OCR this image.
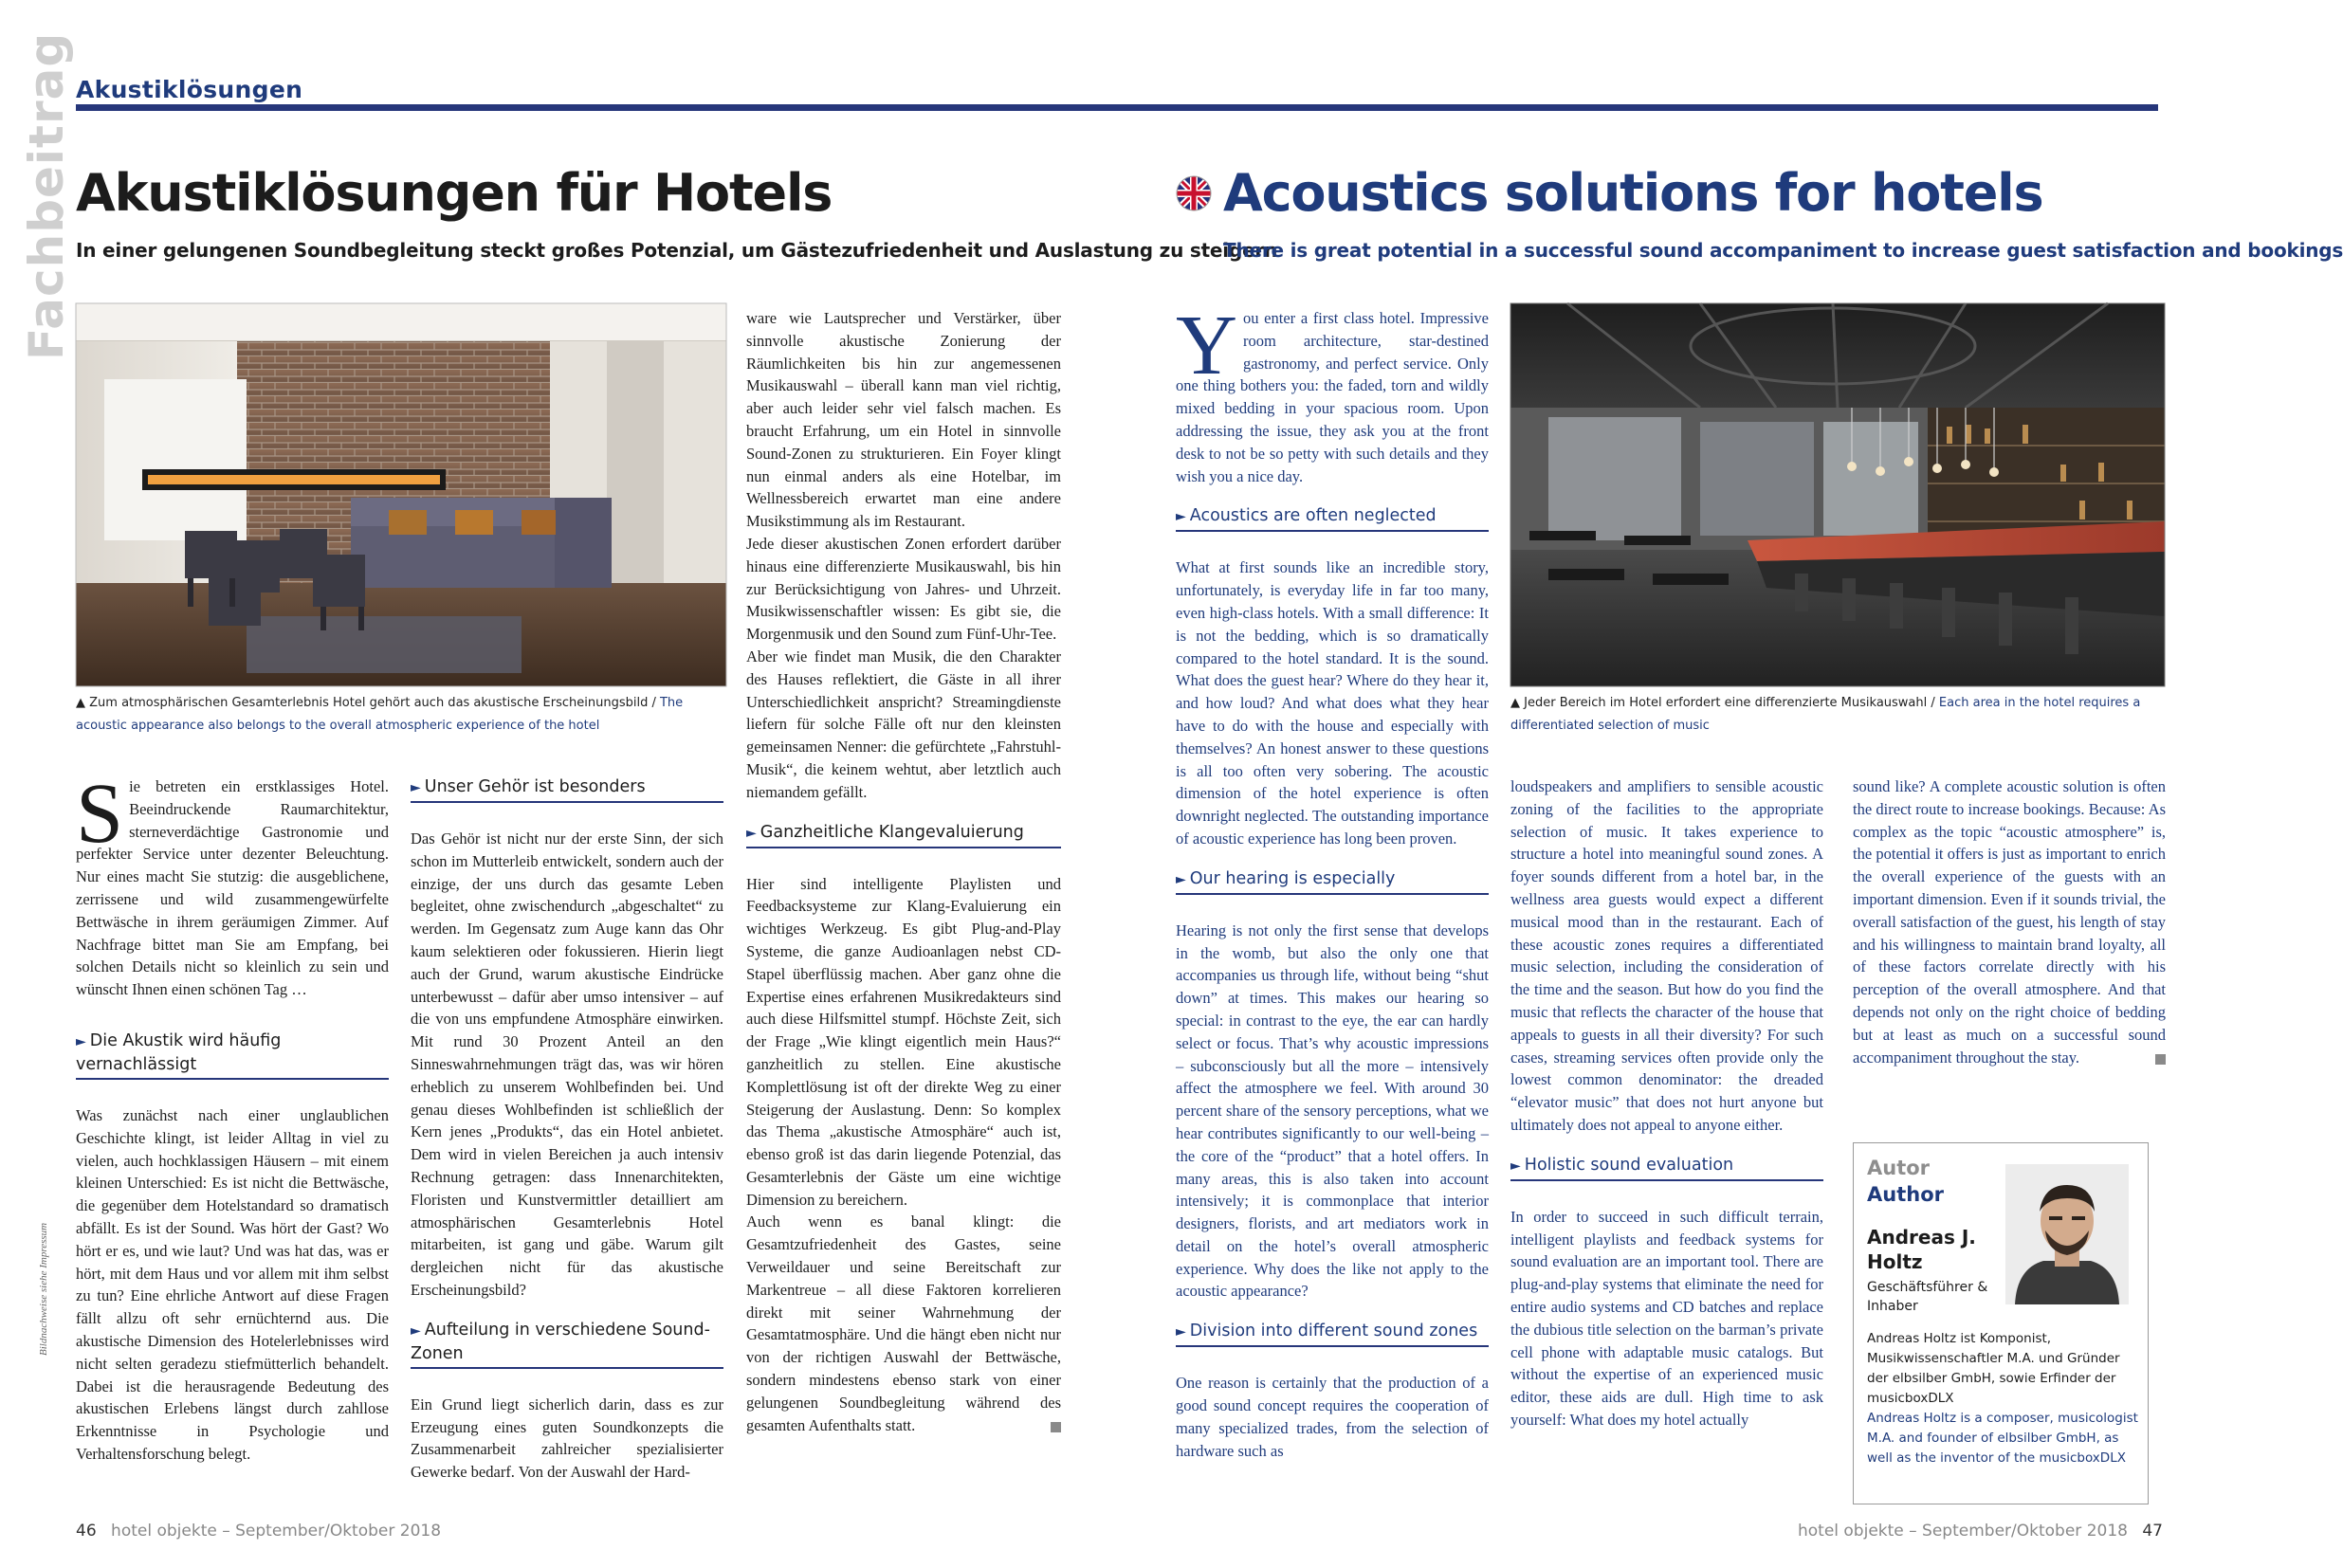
Akustiklösungen
Fachbeitrag Akustiklösungen für Hotels
In einer gelungenen Soundbegleitung steckt großes Potenzial, um Gästezufriedenheit und Auslastung zu steigern
Acoustics solutions for hotels
There is great potential in a successful sound accompaniment to increase guest satisfaction and bookings
▲ Zum atmosphärischen Gesamterlebnis Hotel gehört auch das akustische Erscheinungsbild / The acoustic appearance also belongs to the overall atmospheric experience of the hotel

Sie betreten ein erstklassiges Hotel. Beeindruckende Raumarchitektur, sterneverdächtige Gastronomie und perfekter Service unter dezenter Beleuchtung. Nur eines macht Sie stutzig: die ausgeblichene, zerrissene und wild zusammengewürfelte Bettwäsche in ihrem geräumigen Zimmer. Auf Nachfrage bittet man Sie am Empfang, bei solchen Details nicht so kleinlich zu sein und wünscht Ihnen einen schönen Tag …

► Die Akustik wird häufig vernachlässigt

Was zunächst nach einer unglaublichen Geschichte klingt, ist leider Alltag in viel zu vielen, auch hochklassigen Häusern – mit einem kleinen Unterschied: Es ist nicht die Bettwäsche, die gegenüber dem Hotelstandard so dramatisch abfällt. Es ist der Sound. Was hört der Gast? Wo hört er es, und wie laut? Und was hat das, was er hört, mit dem Haus und vor allem mit ihm selbst zu tun? Eine ehrliche Antwort auf diese Fragen fällt allzu oft sehr ernüchternd aus. Die akustische Dimension des Hotelerlebnisses wird nicht selten geradezu stiefmütterlich behandelt. Dabei ist die herausragende Bedeutung des akustischen Erlebens längst durch zahllose Erkenntnisse in Psychologie und Verhaltensforschung belegt.

► Unser Gehör ist besonders

Das Gehör ist nicht nur der erste Sinn, der sich schon im Mutterleib entwickelt, sondern auch der einzige, der uns durch das gesamte Leben begleitet, ohne zwischendurch „abgeschaltet“ zu werden. Im Gegensatz zum Auge kann das Ohr kaum selektieren oder fokussieren. Hierin liegt auch der Grund, warum akustische Eindrücke unterbewusst – dafür aber umso intensiver – auf die von uns empfundene Atmosphäre einwirken. Mit rund 30 Prozent Anteil an den Sinneswahrnehmungen trägt das, was wir hören erheblich zu unserem Wohlbefinden bei. Und genau dieses Wohlbefinden ist schließlich der Kern jenes „Produkts“, das ein Hotel anbietet. Dem wird in vielen Bereichen ja auch intensiv Rechnung getragen: dass Innenarchitekten, Floristen und Kunstvermittler detailliert am atmosphärischen Gesamterlebnis Hotel mitarbeiten, ist gang und gäbe. Warum gilt dergleichen nicht für das akustische Erscheinungsbild?

► Aufteilung in verschiedene Sound-Zonen

Ein Grund liegt sicherlich darin, dass es zur Erzeugung eines guten Soundkonzepts die Zusammenarbeit zahlreicher spezialisierter Gewerke bedarf. Von der Auswahl der Hard-

ware wie Lautsprecher und Verstärker, über sinnvolle akustische Zonierung der Räumlichkeiten bis hin zur angemessenen Musikauswahl – überall kann man viel richtig, aber auch leider sehr viel falsch machen. Es braucht Erfahrung, um ein Hotel in sinnvolle Sound-Zonen zu strukturieren. Ein Foyer klingt nun einmal anders als eine Hotelbar, im Wellnessbereich erwartet man eine andere Musikstimmung als im Restaurant.

Jede dieser akustischen Zonen erfordert darüber hinaus eine differenzierte Musikauswahl, bis hin zur Berücksichtigung von Jahres- und Uhrzeit. Musikwissenschaftler wissen: Es gibt sie, die Morgenmusik und den Sound zum Fünf-Uhr-Tee.

Aber wie findet man Musik, die den Charakter des Hauses reflektiert, die Gäste in all ihrer Unterschiedlichkeit anspricht? Streamingdienste liefern für solche Fälle oft nur den kleinsten gemeinsamen Nenner: die gefürchtete „Fahrstuhl-Musik“, die keinem wehtut, aber letztlich auch niemandem gefällt.

► Ganzheitliche Klangevaluierung

Hier sind intelligente Playlisten und Feedbacksysteme zur Klang-Evaluierung ein wichtiges Werkzeug. Es gibt Plug-and-Play Systeme, die ganze Audioanlagen nebst CD-Stapel überflüssig machen. Aber ganz ohne die Expertise eines erfahrenen Musikredakteurs sind auch diese Hilfsmittel stumpf. Höchste Zeit, sich der Frage „Wie klingt eigentlich mein Haus?“ ganzheitlich zu stellen. Eine akustische Komplettlösung ist oft der direkte Weg zu einer Steigerung der Auslastung. Denn: So komplex das Thema „akustische Atmosphäre“ auch ist, ebenso groß ist das darin liegende Potenzial, das Gesamterlebnis der Gäste um eine wichtige Dimension zu bereichern.

Auch wenn es banal klingt: die Gesamtzufriedenheit des Gastes, seine Verweildauer und seine Bereitschaft zur Markentreue – all diese Faktoren korrelieren direkt mit seiner Wahrnehmung der Gesamtatmosphäre. Und die hängt eben nicht nur von der richtigen Auswahl der Bettwäsche, sondern mindestens ebenso stark von einer gelungenen Soundbegleitung während des gesamten Aufenthalts statt.

You enter a first class hotel. Impressive room architecture, star-destined gastronomy, and perfect service. Only one thing bothers you: the faded, torn and wildly mixed bedding in your spacious room. Upon addressing the issue, they ask you at the front desk to not be so petty with such details and they wish you a nice day.

► Acoustics are often neglected

What at first sounds like an incredible story, unfortunately, is everyday life in far too many, even high-class hotels. With a small difference: It is not the bedding, which is so dramatically compared to the hotel standard. It is the sound. What does the guest hear? Where do they hear it, and how loud? And what does what they hear have to do with the house and especially with themselves? An honest answer to these questions is all too often very sobering. The acoustic dimension of the hotel experience is often downright neglected. The outstanding importance of acoustic experience has long been proven.

► Our hearing is especially

Hearing is not only the first sense that develops in the womb, but also the only one that accompanies us through life, without being “shut down” at times. This makes our hearing so special: in contrast to the eye, the ear can hardly select or focus. That’s why acoustic impressions – subconsciously but all the more – intensively affect the atmosphere we feel. With around 30 percent share of the sensory perceptions, what we hear contributes significantly to our well-being – the core of the “product” that a hotel offers. In many areas, this is also taken into account intensively; it is commonplace that interior designers, florists, and art mediators work in detail on the hotel’s overall atmospheric experience. Why does the like not apply to the acoustic appearance?

► Division into different sound zones

One reason is certainly that the production of a good sound concept requires the cooperation of many specialized trades, from the selection of hardware such as

▲ Jeder Bereich im Hotel erfordert eine differenzierte Musikauswahl / Each area in the hotel requires a differentiated selection of music

loudspeakers and amplifiers to sensible acoustic zoning of the facilities to the appropriate selection of music. It takes experience to structure a hotel into meaningful sound zones. A foyer sounds different from a hotel bar, in the wellness area guests would expect a different musical mood than in the restaurant. Each of these acoustic zones requires a differentiated music selection, including the consideration of the time and the season. But how do you find the music that reflects the character of the house that appeals to guests in all their diversity? For such cases, streaming services often provide only the lowest common denominator: the dreaded “elevator music” that does not hurt anyone but ultimately does not appeal to anyone either.

► Holistic sound evaluation

In order to succeed in such difficult terrain, intelligent playlists and feedback systems for sound evaluation are an important tool. There are plug-and-play systems that eliminate the need for entire audio systems and CD batches and replace the dubious title selection on the barman’s private cell phone with adaptable music catalogs. But without the expertise of an experienced music editor, these aids are dull. High time to ask yourself: What does my hotel actually

sound like? A complete acoustic solution is often the direct route to increase bookings. Because: As complex as the topic “acoustic atmosphere” is, the potential it offers is just as important to enrich the overall experience of the guests with an important dimension. Even if it sounds trivial, the overall satisfaction of the guest, his length of stay and his willingness to maintain brand loyalty, all of these factors correlate directly with his perception of the overall atmosphere. And that depends not only on the right choice of bedding but at least as much on a successful sound accompaniment throughout the stay.

Autor
Author
Andreas J. Holtz
Geschäftsführer & Inhaber
Andreas Holtz ist Komponist, Musikwissenschaftler M.A. und Gründer der elbsilber GmbH, sowie Erfinder der musicboxDLX
Andreas Holtz is a composer, musicologist M.A. and founder of elbsilber GmbH, as well as the inventor of the musicboxDLX
Bildnachweise siehe Impressum
46 hotel objekte – September/Oktober 2018	hotel objekte – September/Oktober 2018 47
